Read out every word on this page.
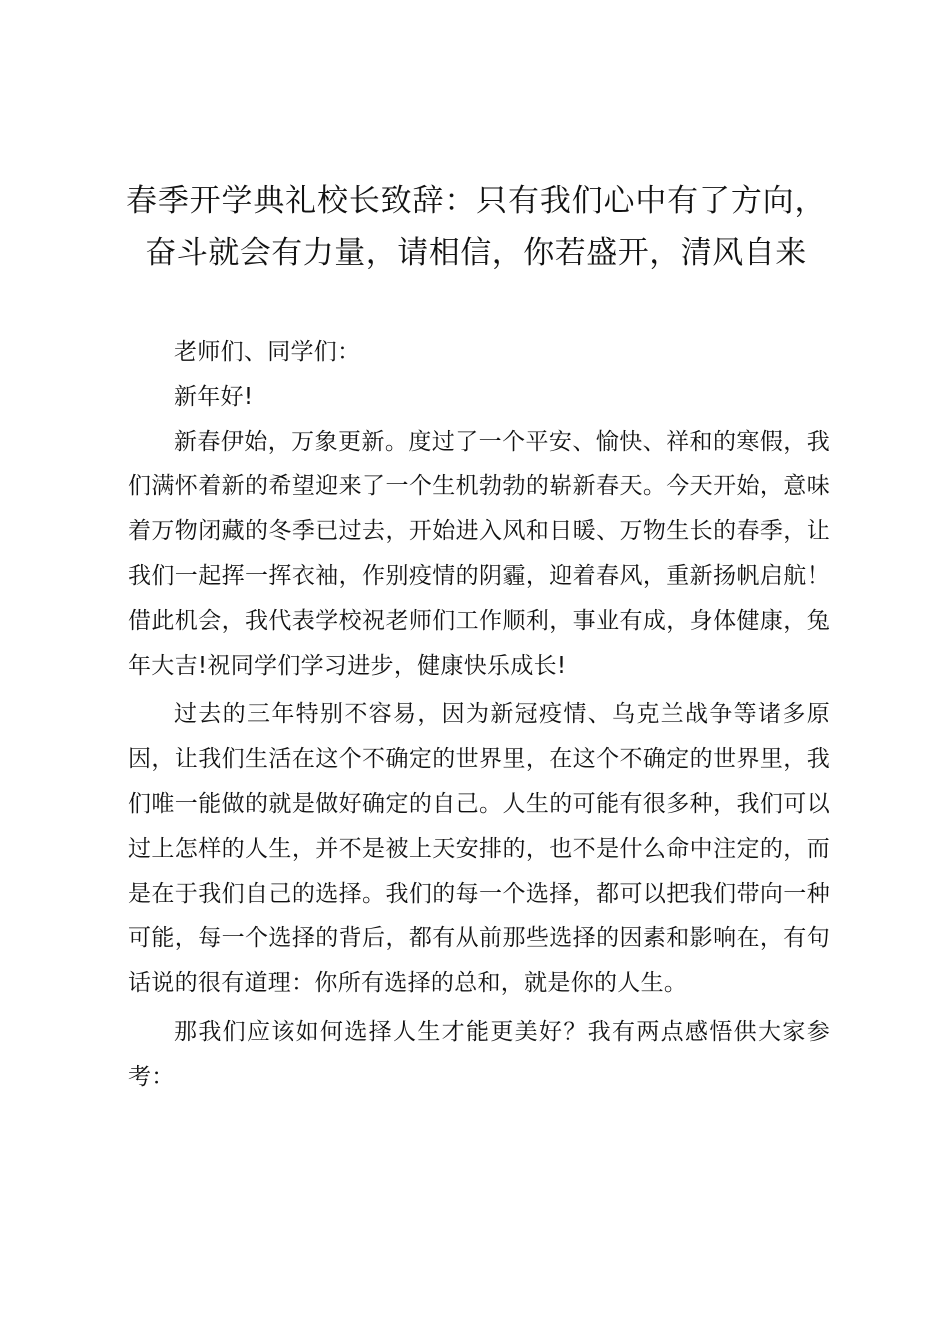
春季开学典礼校长致辞：只有我们心中有了方向，奋斗就会有力量，请相信，你若盛开，清风自来

老师们、同学们：

新年好!

新春伊始，万象更新。度过了一个平安、愉快、祥和的寒假，我们满怀着新的希望迎来了一个生机勃勃的崭新春天。今天开始，意味着万物闭藏的冬季已过去，开始进入风和日暖、万物生长的春季，让我们一起挥一挥衣袖，作别疫情的阴霾，迎着春风，重新扬帆启航！借此机会，我代表学校祝老师们工作顺利，事业有成，身体健康，兔年大吉!祝同学们学习进步，健康快乐成长!

过去的三年特别不容易，因为新冠疫情、乌克兰战争等诸多原因，让我们生活在这个不确定的世界里，在这个不确定的世界里，我们唯一能做的就是做好确定的自己。人生的可能有很多种，我们可以过上怎样的人生，并不是被上天安排的，也不是什么命中注定的，而是在于我们自己的选择。我们的每一个选择，都可以把我们带向一种可能，每一个选择的背后，都有从前那些选择的因素和影响在，有句话说的很有道理：你所有选择的总和，就是你的人生。

那我们应该如何选择人生才能更美好？我有两点感悟供大家参考：
